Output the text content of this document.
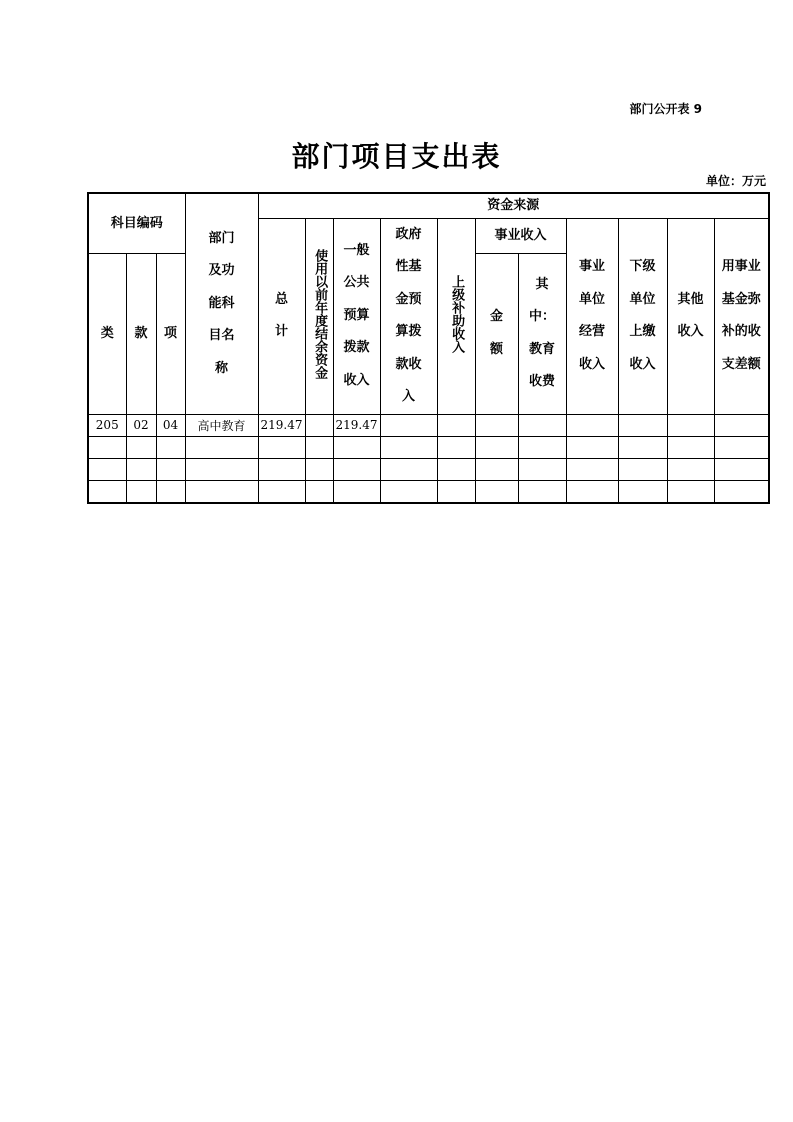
部门公开表 9
部门项目支出表
单位：万元
科目编码			部门及功能科目名称	资金来源										

				总计	使用以前年度结余资金	一般公共预算拨款收入	政府性基金预算拨款收入	上级补助收入	事业收入		事业单位经营收入	下级单位上缴收入	其他收入	用事业基金弥补的收支差额

类	款	项							金额	其中：教育收费				

205	02	04	高中教育	219.47		219.47								
